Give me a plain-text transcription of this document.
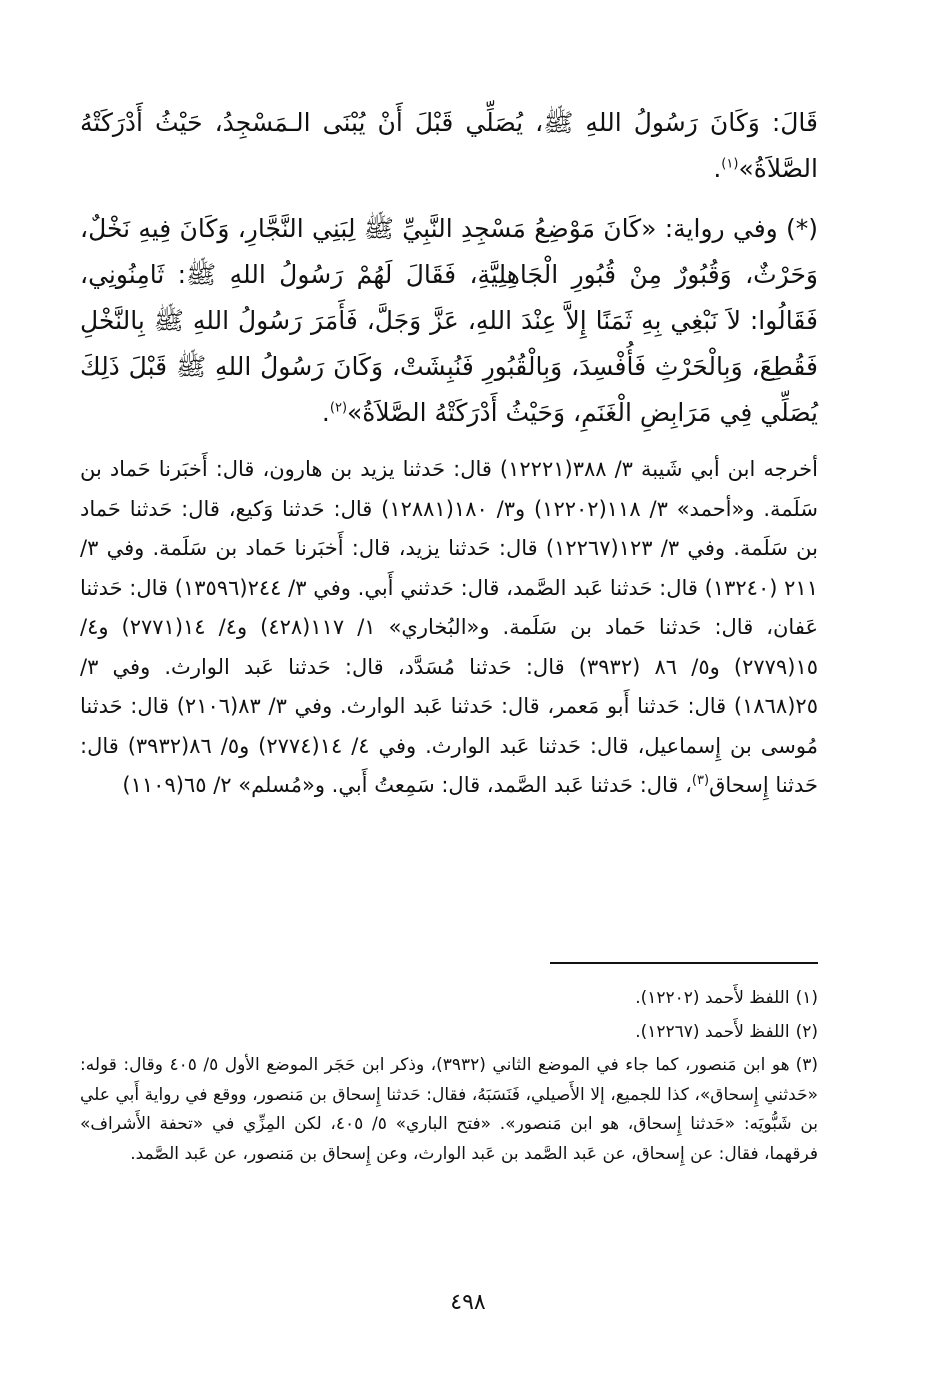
قَالَ: وَكَانَ رَسُولُ اللهِ ﷺ، يُصَلِّي قَبْلَ أَنْ يُبْنَى الـمَسْجِدُ، حَيْثُ أَدْرَكَتْهُ الصَّلاَةُ»$^{(١)}$.

(*) وفي رواية: «كَانَ مَوْضِعُ مَسْجِدِ النَّبِيِّ ﷺ لِبَنِي النَّجَّارِ، وَكَانَ فِيهِ نَخْلٌ، وَحَرْثٌ، وَقُبُورٌ مِنْ قُبُورِ الْجَاهِلِيَّةِ، فَقَالَ لَهُمْ رَسُولُ اللهِ ﷺ: ثَامِنُونِي، فَقَالُوا: لاَ نَبْغِي بِهِ ثَمَنًا إِلاَّ عِنْدَ اللهِ، عَزَّ وَجَلَّ، فَأَمَرَ رَسُولُ اللهِ ﷺ بِالنَّخْلِ فَقُطِعَ، وَبِالْحَرْثِ فَأُفْسِدَ، وَبِالْقُبُورِ فَنُبِشَتْ، وَكَانَ رَسُولُ اللهِ ﷺ قَبْلَ ذَلِكَ يُصَلِّي فِي مَرَابِضِ الْغَنَمِ، وَحَيْثُ أَدْرَكَتْهُ الصَّلاَةُ»$^{(٢)}$.

أخرجه ابن أبي شَيبة ٣/ ٣٨٨(١٢٢٢١) قال: حَدثنا يزيد بن هارون، قال: أَخبَرنا حَماد بن سَلَمة. و«أحمد» ٣/ ١١٨(١٢٢٠٢) و٣/ ١٨٠(١٢٨٨١) قال: حَدثنا وَكيع، قال: حَدثنا حَماد بن سَلَمة. وفي ٣/ ١٢٣(١٢٢٦٧) قال: حَدثنا يزيد، قال: أَخبَرنا حَماد بن سَلَمة. وفي ٣/ ٢١١ (١٣٢٤٠) قال: حَدثنا عَبد الصَّمد، قال: حَدثني أَبي. وفي ٣/ ٢٤٤(١٣٥٩٦) قال: حَدثنا عَفان، قال: حَدثنا حَماد بن سَلَمة. و«البُخاري» ١/ ١١٧(٤٢٨) و٤/ ١٤(٢٧٧١) و٤/ ١٥(٢٧٧٩) و٥/ ٨٦ (٣٩٣٢) قال: حَدثنا مُسَدَّد، قال: حَدثنا عَبد الوارث. وفي ٣/ ٢٥(١٨٦٨) قال: حَدثنا أَبو مَعمر، قال: حَدثنا عَبد الوارث. وفي ٣/ ٨٣(٢١٠٦) قال: حَدثنا مُوسى بن إِسماعيل، قال: حَدثنا عَبد الوارث. وفي ٤/ ١٤(٢٧٧٤) و٥/ ٨٦(٣٩٣٢) قال: حَدثنا إِسحاق$^{(٣)}$، قال: حَدثنا عَبد الصَّمد، قال: سَمِعتُ أَبي. و«مُسلم» ٢/ ٦٥(١١٠٩)

(١)اللفظ لأَحمد (١٢٢٠٢).
(٢)اللفظ لأَحمد (١٢٢٦٧).
(٣)هو ابن مَنصور، كما جاء في الموضع الثاني (٣٩٣٢)، وذكر ابن حَجَر الموضع الأول ٥/ ٤٠٥ وقال: قوله: «حَدثني إِسحاق»، كذا للجميع، إلا الأَصيلي، فَنَسَبَهُ، فقال: حَدثنا إِسحاق بن مَنصور، ووقع في رواية أَبي علي بن شَبُّويَه: «حَدثنا إِسحاق، هو ابن مَنصور». «فتح الباري» ٥/ ٤٠٥، لكن المِزِّي في «تحفة الأَشراف» فرقهما، فقال: عن إِسحاق، عن عَبد الصَّمد بن عَبد الوارث، وعن إِسحاق بن مَنصور، عن عَبد الصَّمد.
٤٩٨
